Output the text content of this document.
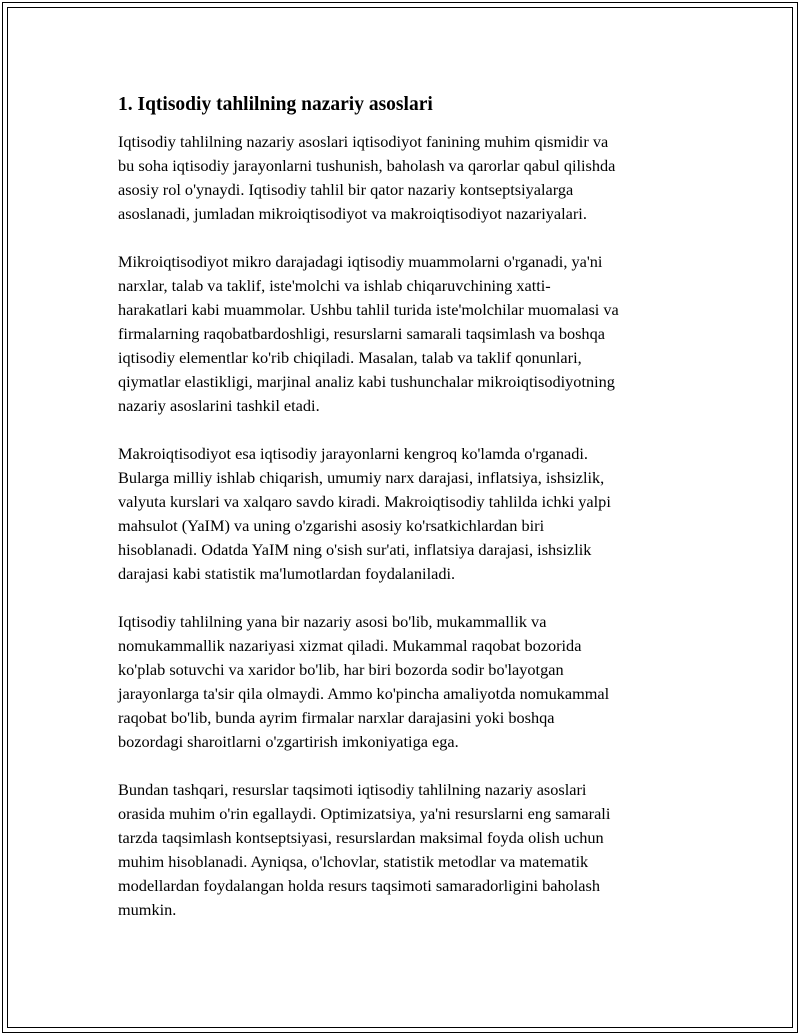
1. Iqtisodiy tahlilning nazariy asoslari
Iqtisodiy tahlilning nazariy asoslari iqtisodiyot fanining muhim qismidir va
bu soha iqtisodiy jarayonlarni tushunish, baholash va qarorlar qabul qilishda
asosiy rol o'ynaydi. Iqtisodiy tahlil bir qator nazariy kontseptsiyalarga
asoslanadi, jumladan mikroiqtisodiyot va makroiqtisodiyot nazariyalari.
Mikroiqtisodiyot mikro darajadagi iqtisodiy muammolarni o'rganadi, ya'ni
narxlar, talab va taklif, iste'molchi va ishlab chiqaruvchining xatti-
harakatlari kabi muammolar. Ushbu tahlil turida iste'molchilar muomalasi va
firmalarning raqobatbardoshligi, resurslarni samarali taqsimlash va boshqa
iqtisodiy elementlar ko'rib chiqiladi. Masalan, talab va taklif qonunlari,
qiymatlar elastikligi, marjinal analiz kabi tushunchalar mikroiqtisodiyotning
nazariy asoslarini tashkil etadi.
Makroiqtisodiyot esa iqtisodiy jarayonlarni kengroq ko'lamda o'rganadi.
Bularga milliy ishlab chiqarish, umumiy narx darajasi, inflatsiya, ishsizlik,
valyuta kurslari va xalqaro savdo kiradi. Makroiqtisodiy tahlilda ichki yalpi
mahsulot (YaIM) va uning o'zgarishi asosiy ko'rsatkichlardan biri
hisoblanadi. Odatda YaIM ning o'sish sur'ati, inflatsiya darajasi, ishsizlik
darajasi kabi statistik ma'lumotlardan foydalaniladi.
Iqtisodiy tahlilning yana bir nazariy asosi bo'lib, mukammallik va
nomukammallik nazariyasi xizmat qiladi. Mukammal raqobat bozorida
ko'plab sotuvchi va xaridor bo'lib, har biri bozorda sodir bo'layotgan
jarayonlarga ta'sir qila olmaydi. Ammo ko'pincha amaliyotda nomukammal
raqobat bo'lib, bunda ayrim firmalar narxlar darajasini yoki boshqa
bozordagi sharoitlarni o'zgartirish imkoniyatiga ega.
Bundan tashqari, resurslar taqsimoti iqtisodiy tahlilning nazariy asoslari
orasida muhim o'rin egallaydi. Optimizatsiya, ya'ni resurslarni eng samarali
tarzda taqsimlash kontseptsiyasi, resurslardan maksimal foyda olish uchun
muhim hisoblanadi. Ayniqsa, o'lchovlar, statistik metodlar va matematik
modellardan foydalangan holda resurs taqsimoti samaradorligini baholash
mumkin.
